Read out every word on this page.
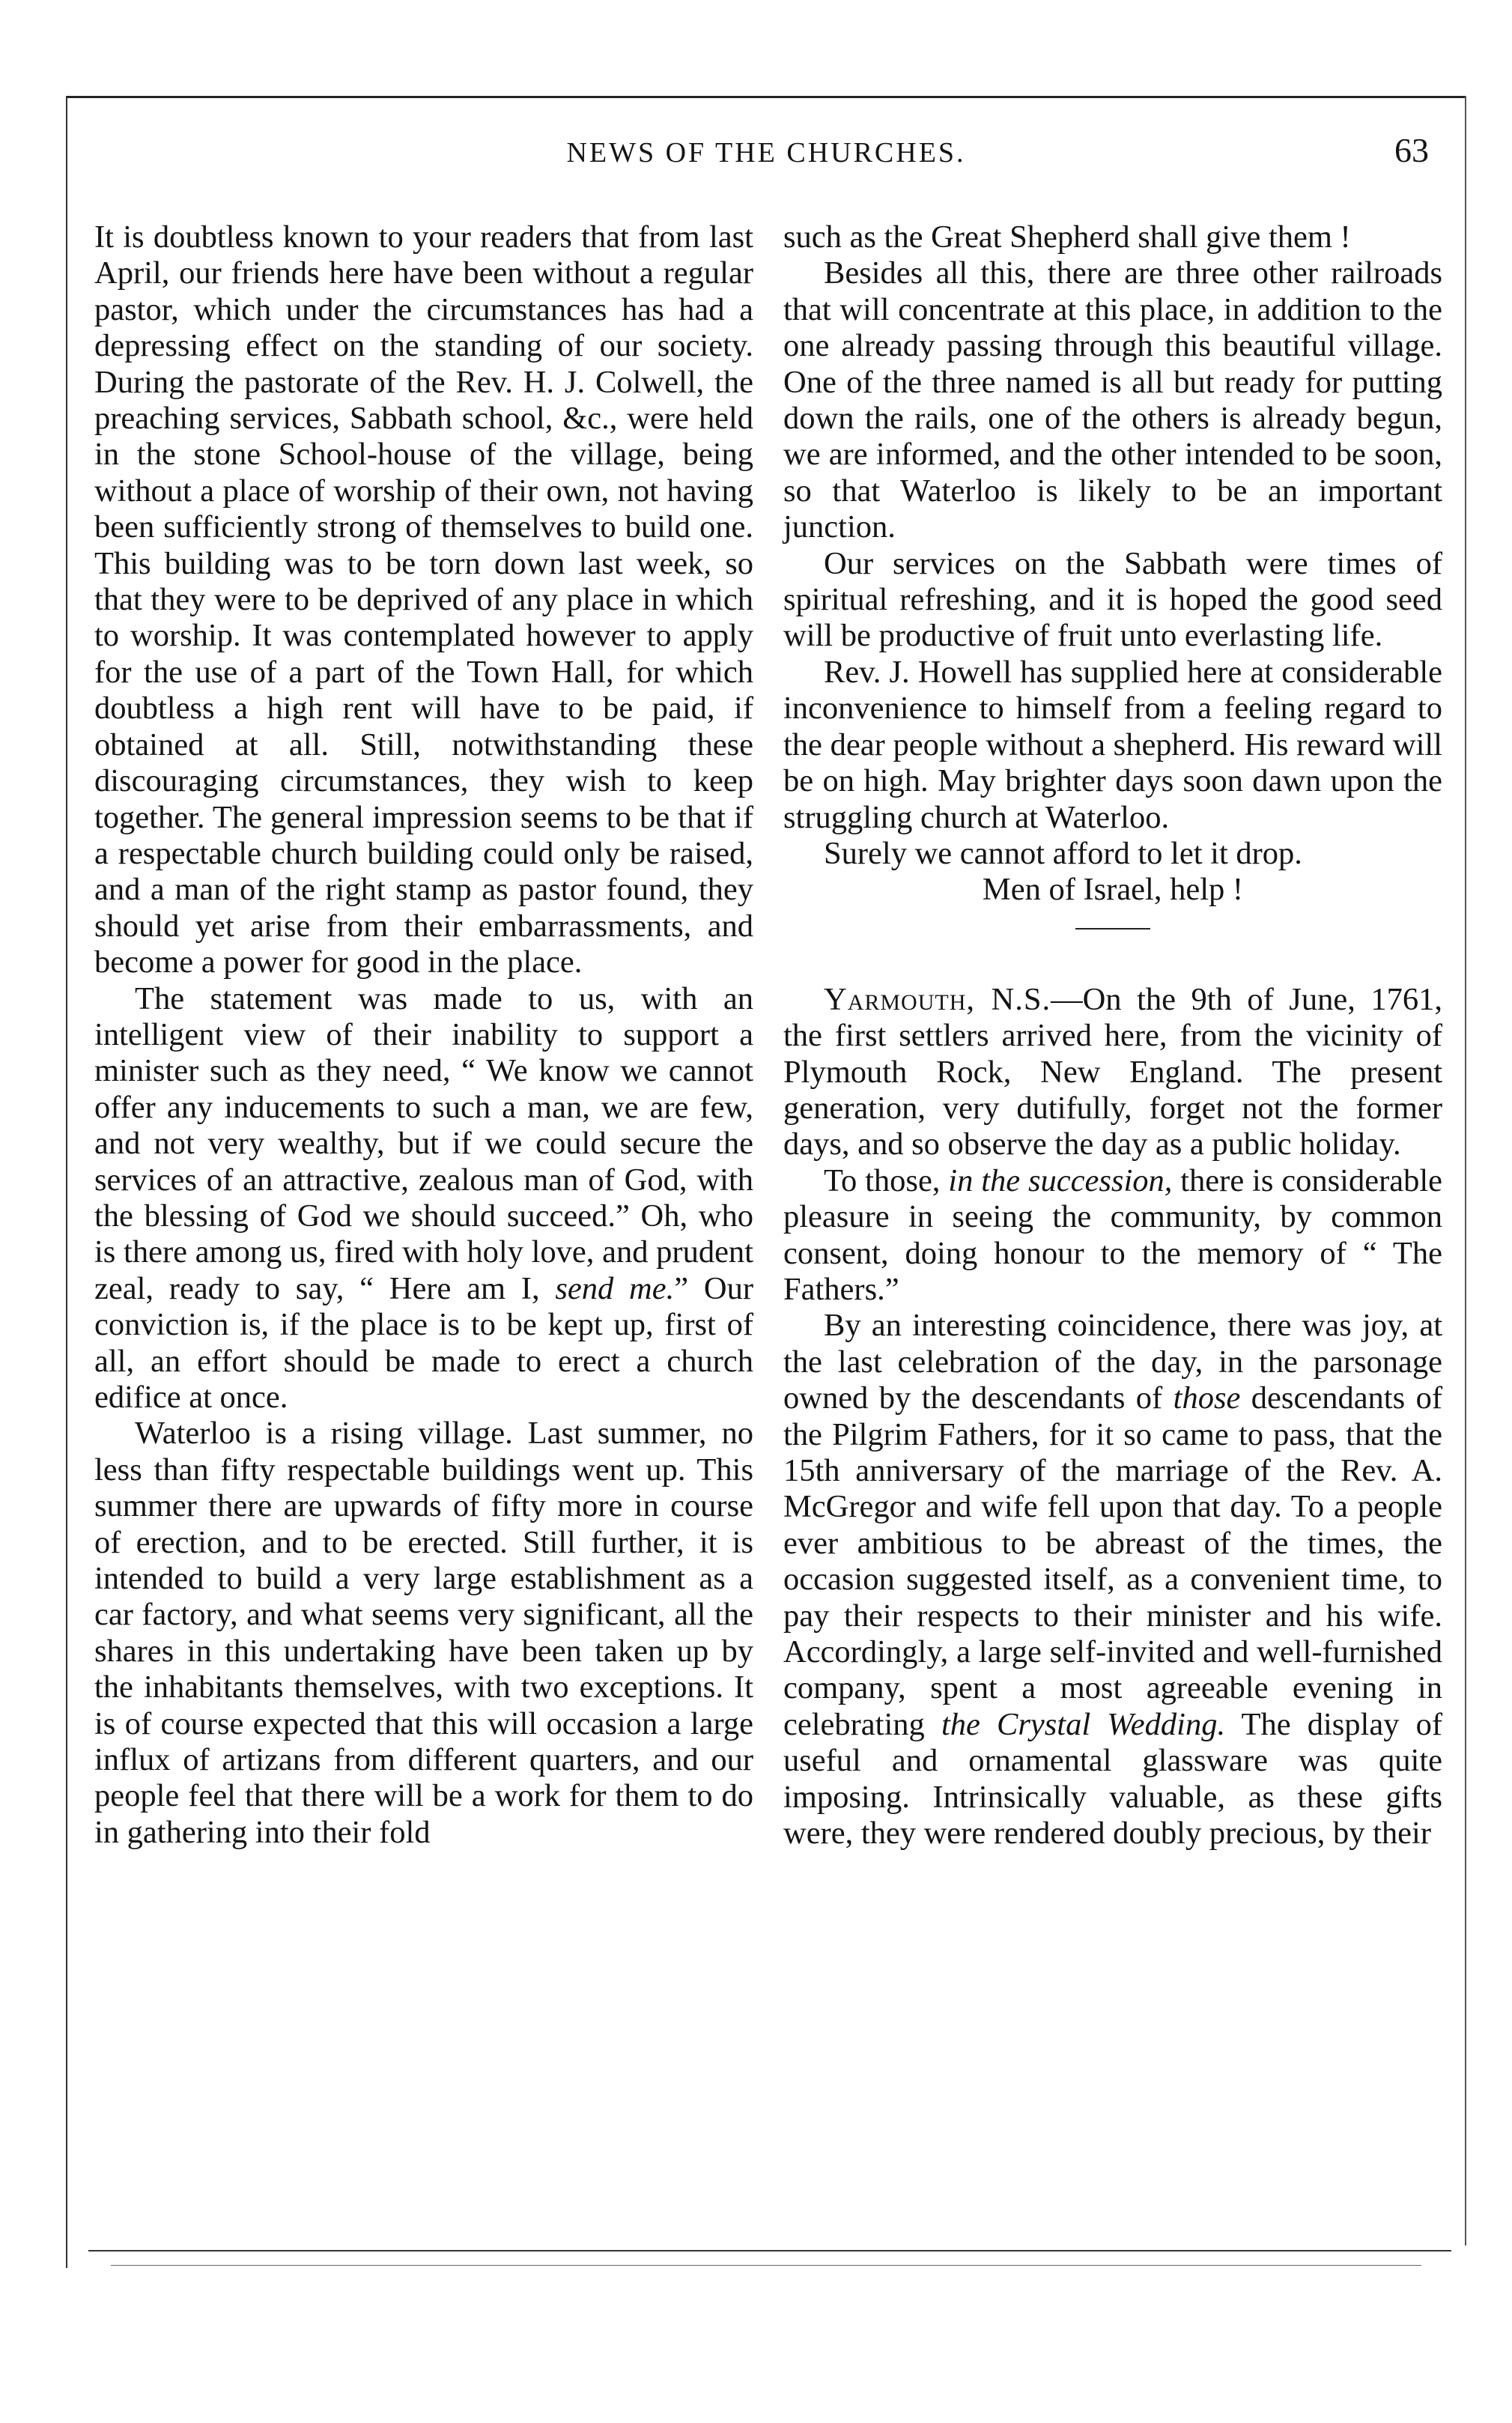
NEWS OF THE CHURCHES.	63

It is doubtless known to your readers that from last April, our friends here have been without a regular pastor, which under the circumstances has had a depressing effect on the standing of our society. During the pastorate of the Rev. H. J. Colwell, the preaching services, Sabbath school, &c., were held in the stone School-house of the village, being without a place of worship of their own, not having been sufficiently strong of themselves to build one. This building was to be torn down last week, so that they were to be deprived of any place in which to worship. It was contemplated however to apply for the use of a part of the Town Hall, for which doubtless a high rent will have to be paid, if obtained at all. Still, notwithstanding these discouraging circumstances, they wish to keep together. The general impression seems to be that if a respectable church building could only be raised, and a man of the right stamp as pastor found, they should yet arise from their embarrassments, and become a power for good in the place.

The statement was made to us, with an intelligent view of their inability to support a minister such as they need, “ We know we cannot offer any inducements to such a man, we are few, and not very wealthy, but if we could secure the services of an attractive, zealous man of God, with the blessing of God we should succeed.” Oh, who is there among us, fired with holy love, and prudent zeal, ready to say, “ Here am I, send me.” Our conviction is, if the place is to be kept up, first of all, an effort should be made to erect a church edifice at once.

Waterloo is a rising village. Last summer, no less than fifty respectable buildings went up. This summer there are upwards of fifty more in course of erection, and to be erected. Still further, it is intended to build a very large establishment as a car factory, and what seems very significant, all the shares in this undertaking have been taken up by the inhabitants themselves, with two exceptions. It is of course expected that this will occasion a large influx of artizans from different quarters, and our people feel that there will be a work for them to do in gathering into their fold

such as the Great Shepherd shall give them !

Besides all this, there are three other railroads that will concentrate at this place, in addition to the one already passing through this beautiful village. One of the three named is all but ready for putting down the rails, one of the others is already begun, we are informed, and the other intended to be soon, so that Waterloo is likely to be an important junction.

Our services on the Sabbath were times of spiritual refreshing, and it is hoped the good seed will be productive of fruit unto everlasting life.

Rev. J. Howell has supplied here at considerable inconvenience to himself from a feeling regard to the dear people without a shepherd. His reward will be on high. May brighter days soon dawn upon the struggling church at Waterloo.

Surely we cannot afford to let it drop.

Men of Israel, help !

Yarmouth, N.S.—On the 9th of June, 1761, the first settlers arrived here, from the vicinity of Plymouth Rock, New England. The present generation, very dutifully, forget not the former days, and so observe the day as a public holiday.

To those, in the succession, there is considerable pleasure in seeing the community, by common consent, doing honour to the memory of “ The Fathers.”

By an interesting coincidence, there was joy, at the last celebration of the day, in the parsonage owned by the descendants of those descendants of the Pilgrim Fathers, for it so came to pass, that the 15th anniversary of the marriage of the Rev. A. McGregor and wife fell upon that day. To a people ever ambitious to be abreast of the times, the occasion suggested itself, as a convenient time, to pay their respects to their minister and his wife. Accordingly, a large self-invited and well-furnished company, spent a most agreeable evening in celebrating the Crystal Wedding. The display of useful and ornamental glassware was quite imposing. Intrinsically valuable, as these gifts were, they were rendered doubly precious, by their
